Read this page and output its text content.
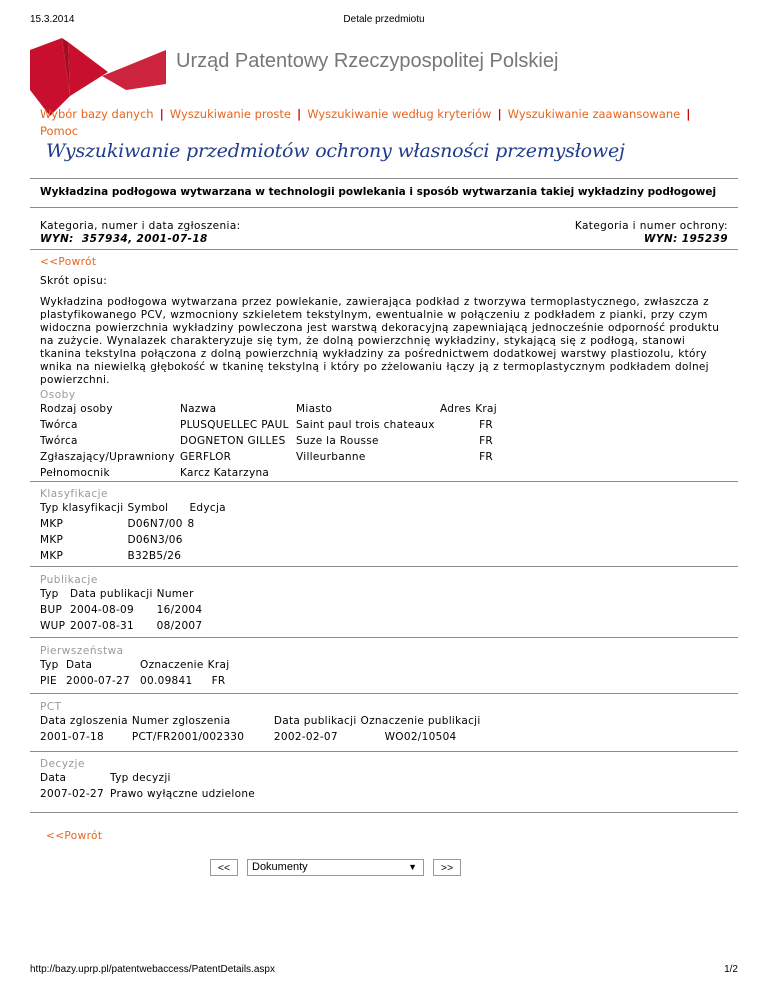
15.3.2014	Detale przedmiotu
Urząd Patentowy Rzeczypospolitej Polskiej
Wybór bazy danych | Wyszukiwanie proste | Wyszukiwanie według kryteriów | Wyszukiwanie zaawansowane |
Pomoc
Wyszukiwanie przedmiotów ochrony własności przemysłowej
Wykładzina podłogowa wytwarzana w technologii powlekania i sposób wytwarzania takiej wykładziny podłogowej
Kategoria, numer i data zgłoszenia:
WYN:  357934, 2001-07-18
Kategoria i numer ochrony:
WYN: 195239
<<Powrót
Skrót opisu:
Wykładzina podłogowa wytwarzana przez powlekanie, zawierająca podkład z tworzywa termoplastycznego, zwłaszcza z plastyfikowanego PCV, wzmocniony szkieletem tekstylnym, ewentualnie w połączeniu z podkładem z pianki, przy czym widoczna powierzchnia wykładziny powleczona jest warstwą dekoracyjną zapewniającą jednocześnie odporność produktu na zużycie. Wynalazek charakteryzuje się tym, że dolną powierzchnię wykładziny, stykającą się z podłogą, stanowi tkanina tekstylna połączona z dolną powierzchnią wykładziny za pośrednictwem dodatkowej warstwy plastiozolu, który wnika na niewielką głębokość w tkaninę tekstylną i który po zżelowaniu łączy ją z termoplastycznym podkładem dolnej powierzchni.
Osoby
Rodzaj osoby	Nazwa	Miasto	Adres	Kraj
Twórca	PLUSQUELLEC PAUL	Saint paul trois chateaux		FR
Twórca	DOGNETON GILLES	Suze la Rousse		FR
Zgłaszający/Uprawniony	GERFLOR	Villeurbanne		FR
Pełnomocnik	Karcz Katarzyna			
Klasyfikacje
Typ klasyfikacji	Symbol	Edycja
MKP	D06N7/00	8
MKP	D06N3/06	
MKP	B32B5/26	
Publikacje
Typ	Data publikacji	Numer
BUP	2004-08-09	16/2004
WUP	2007-08-31	08/2007
Pierwszeństwa
Typ	Data	Oznaczenie	Kraj
PIE	2000-07-27	00.09841	FR
PCT
Data zgloszenia	Numer zgloszenia	Data publikacji	Oznaczenie publikacji
2001-07-18	PCT/FR2001/002330	2002-02-07	WO02/10504
Decyzje
Data	Typ decyzji
2007-02-27	Prawo wyłączne udzielone
<<Powrót
<<	Dokumenty	▼	>>
http://bazy.uprp.pl/patentwebaccess/PatentDetails.aspx	1/2
